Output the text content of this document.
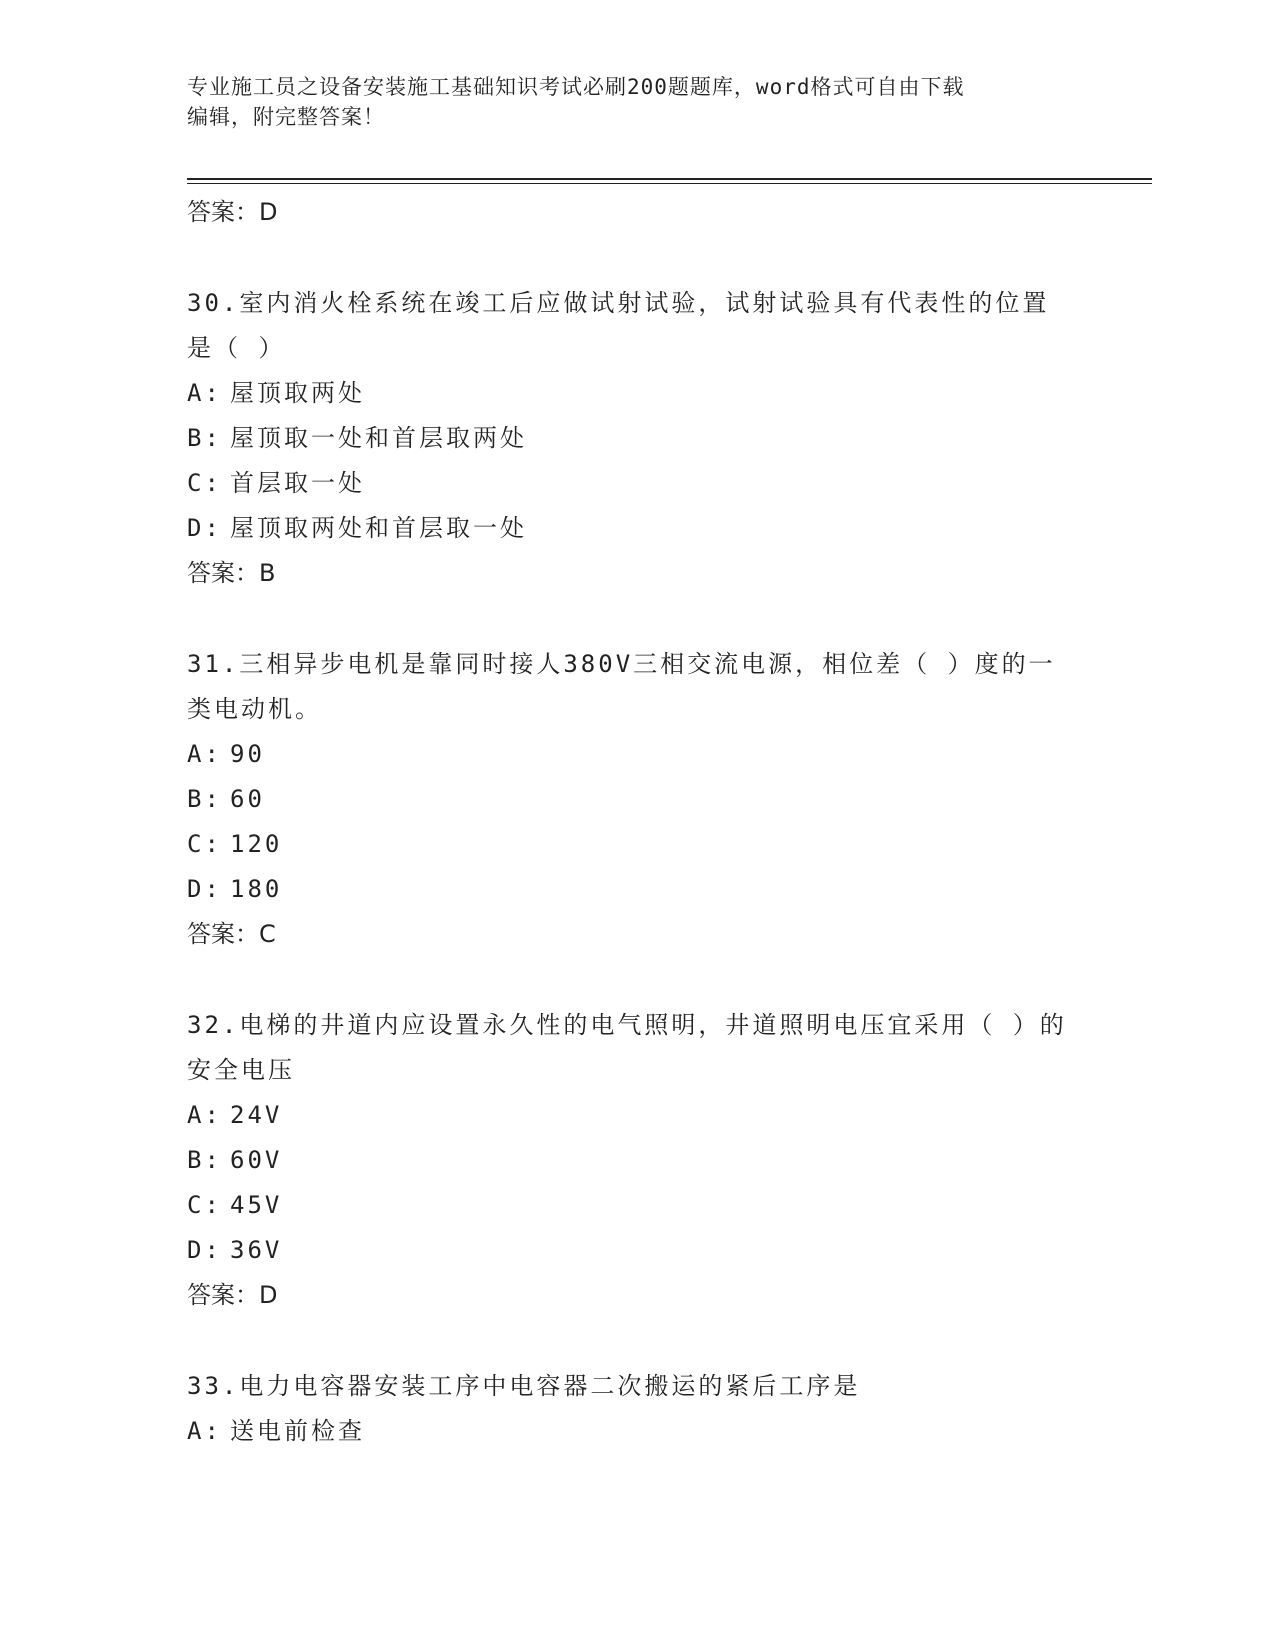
专业施工员之设备安装施工基础知识考试必刷200题题库，word格式可自由下载
编辑，附完整答案！
答案：D
30.室内消火栓系统在竣工后应做试射试验，试射试验具有代表性的位置是（ ）
A: 屋顶取两处
B: 屋顶取一处和首层取两处
C: 首层取一处
D: 屋顶取两处和首层取一处
答案：B
31.三相异步电机是靠同时接人380V三相交流电源，相位差（ ）度的一类电动机。
A: 90
B: 60
C: 120
D: 180
答案：C
32.电梯的井道内应设置永久性的电气照明，井道照明电压宜采用（ ）的安全电压
A: 24V
B: 60V
C: 45V
D: 36V
答案：D
33.电力电容器安装工序中电容器二次搬运的紧后工序是
A: 送电前检查
